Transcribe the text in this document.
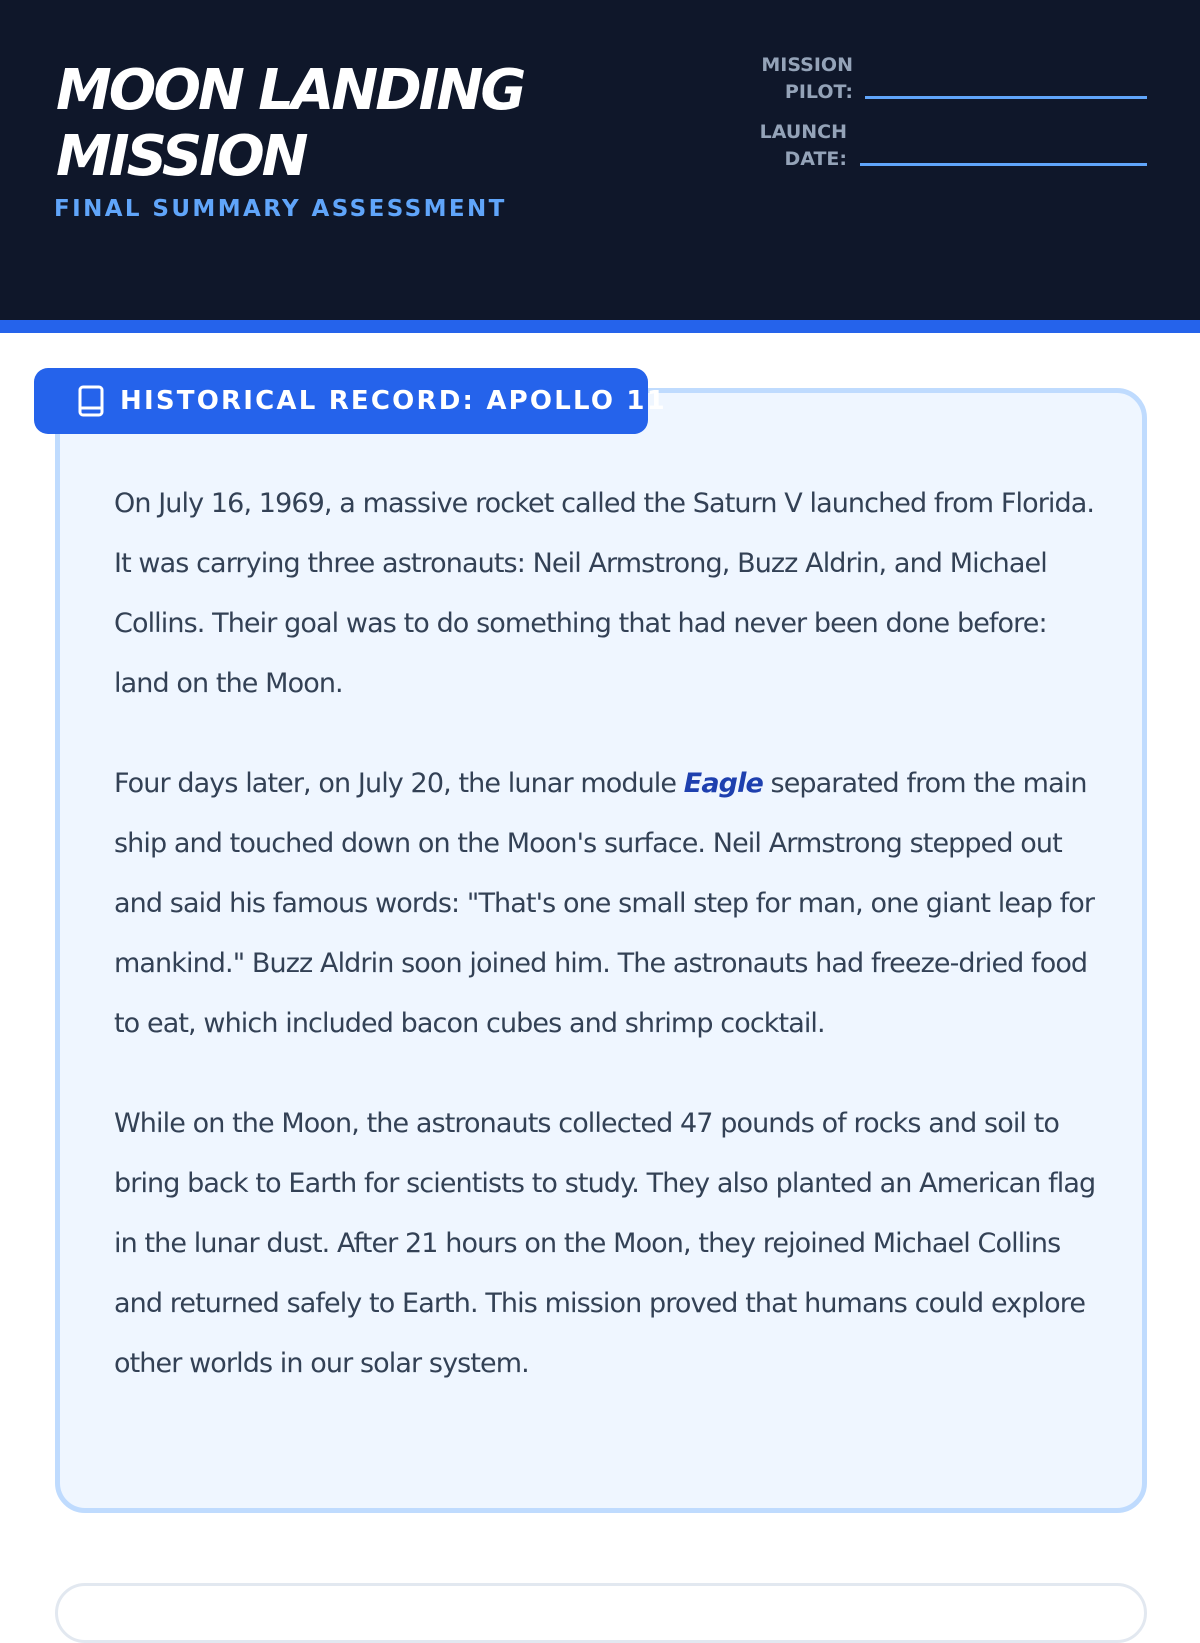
MOON LANDING
MISSION
FINAL SUMMARY ASSESSMENT
MISSION
PILOT:
LAUNCH
DATE:
HISTORICAL RECORD: APOLLO 11

On July 16, 1969, a massive rocket called the Saturn V launched from Florida. It was carrying three astronauts: Neil Armstrong, Buzz Aldrin, and Michael Collins. Their goal was to do something that had never been done before: land on the Moon.

Four days later, on July 20, the lunar module Eagle separated from the main ship and touched down on the Moon's surface. Neil Armstrong stepped out and said his famous words: "That's one small step for man, one giant leap for mankind." Buzz Aldrin soon joined him. The astronauts had freeze-dried food to eat, which included bacon cubes and shrimp cocktail.

While on the Moon, the astronauts collected 47 pounds of rocks and soil to bring back to Earth for scientists to study. They also planted an American flag in the lunar dust. After 21 hours on the Moon, they rejoined Michael Collins and returned safely to Earth. This mission proved that humans could explore other worlds in our solar system.
